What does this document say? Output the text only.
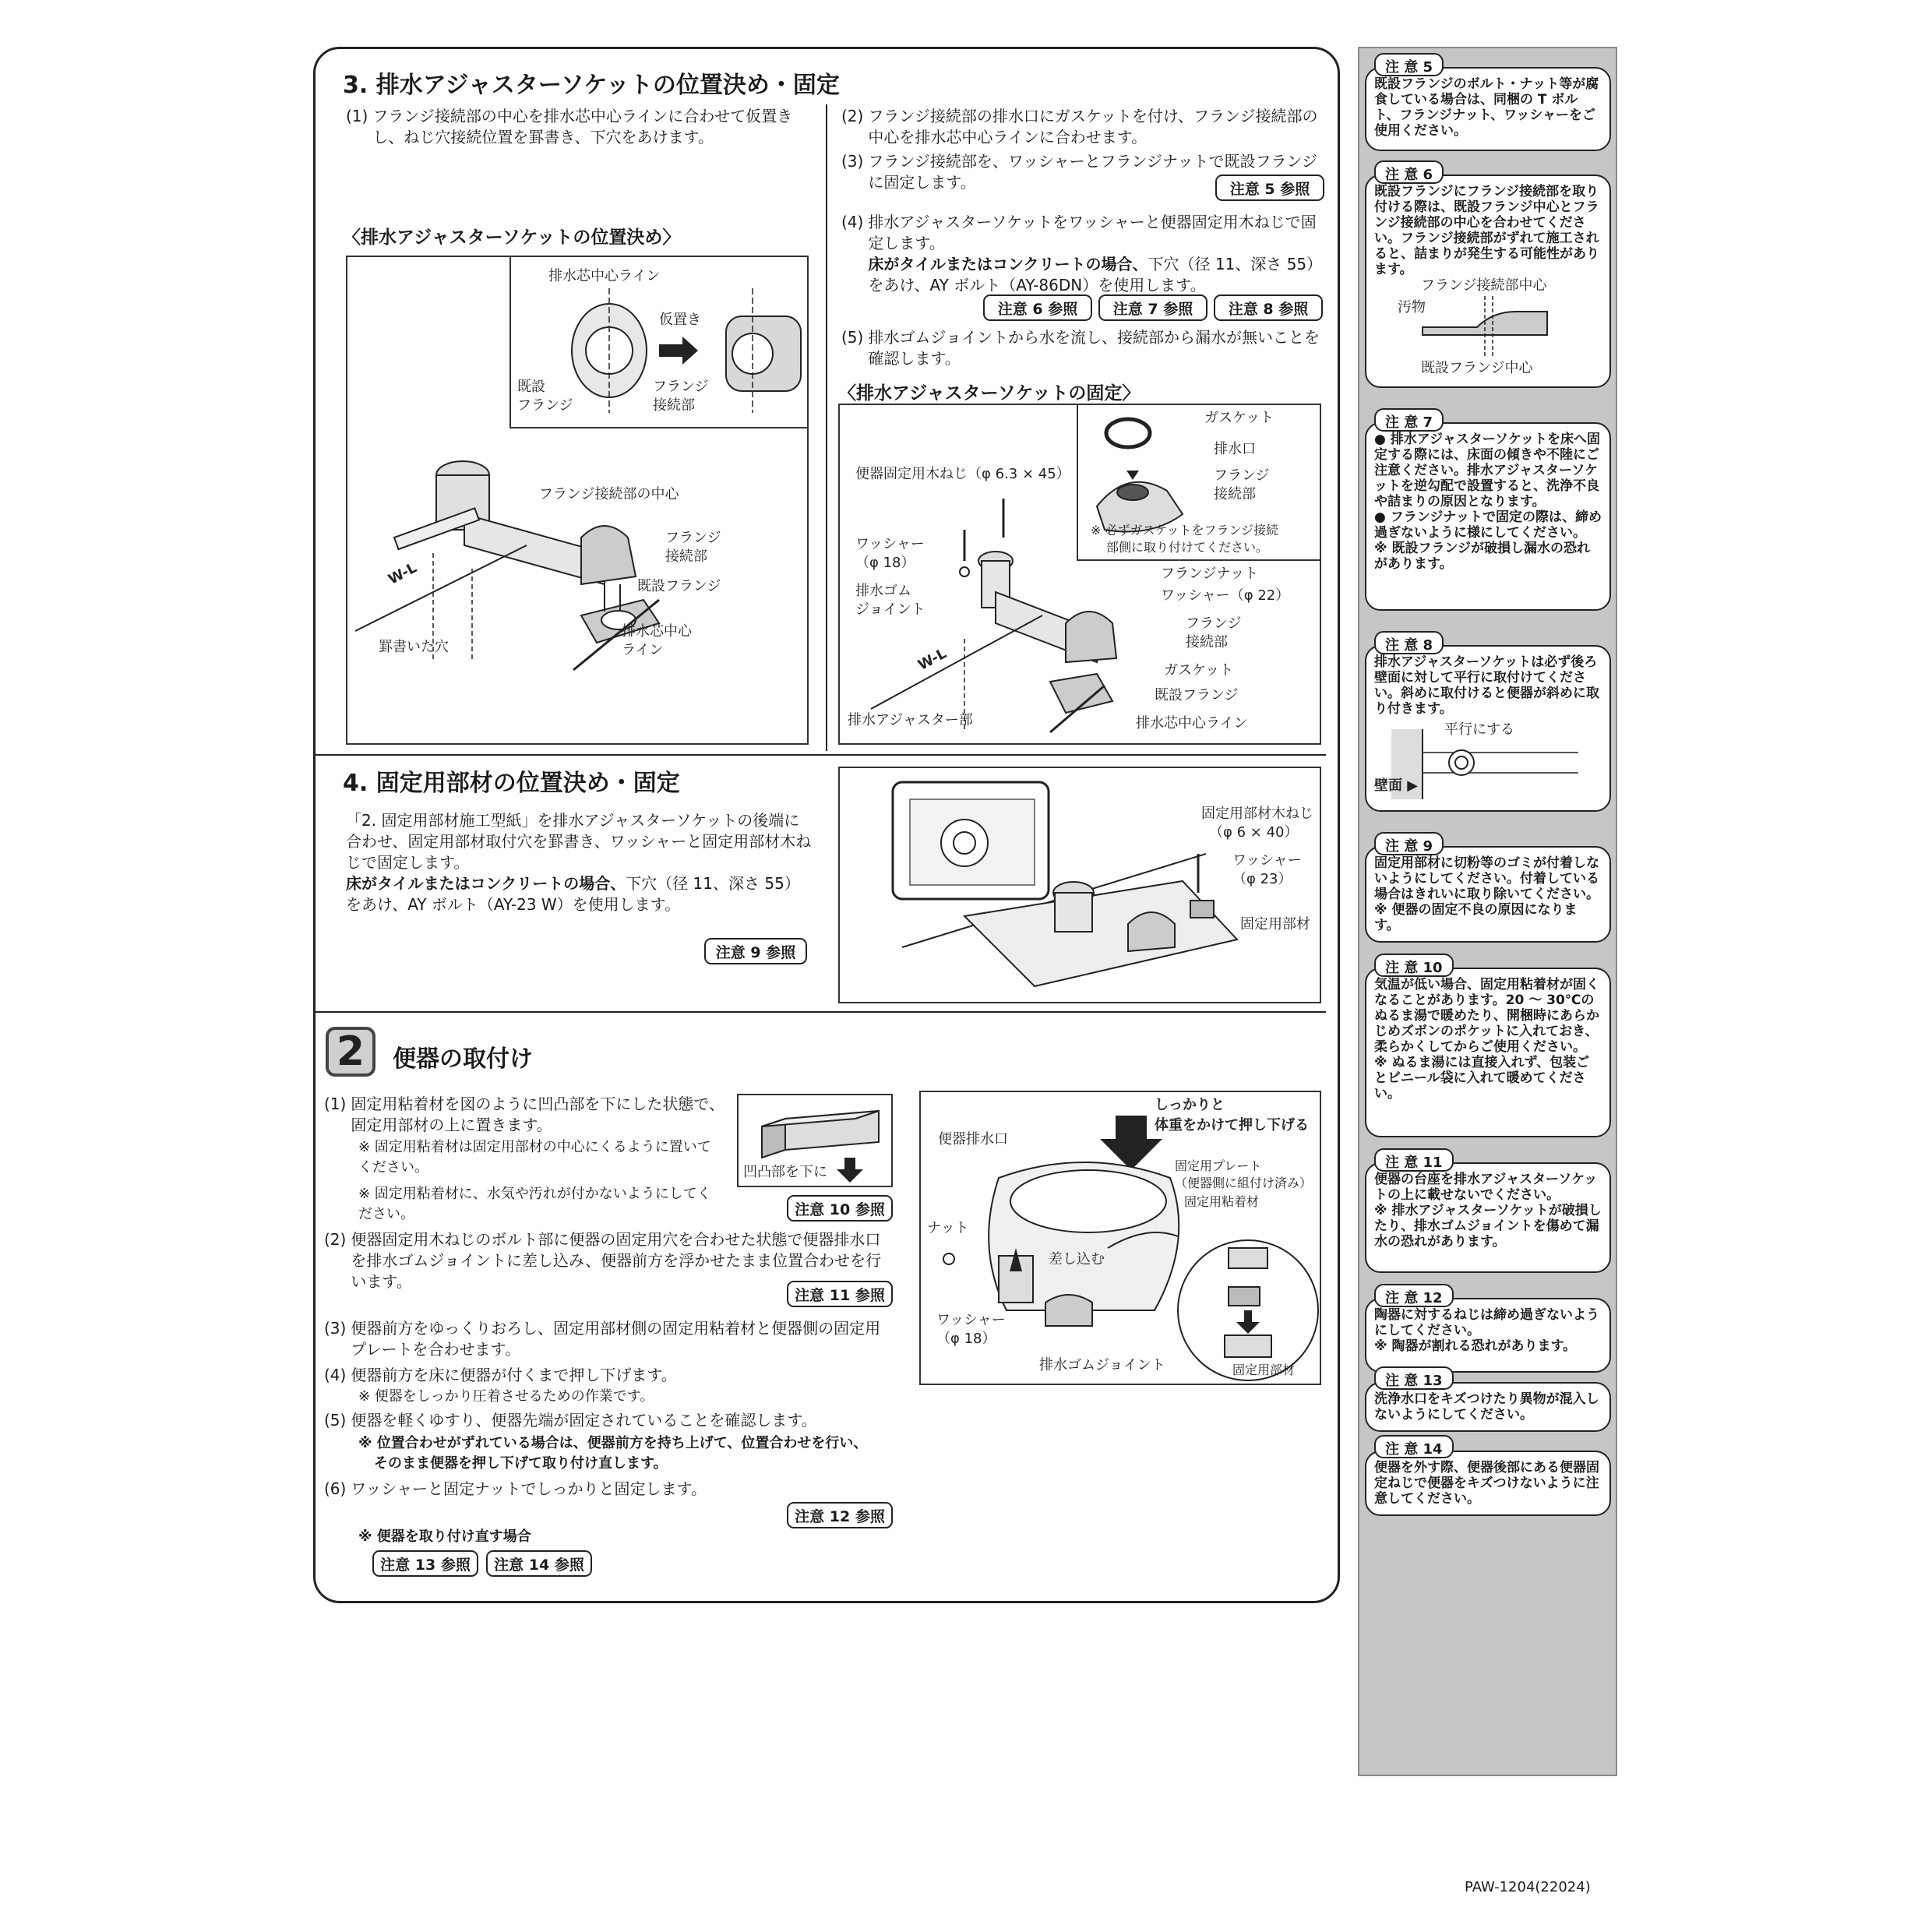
3. 排水アジャスターソケットの位置決め・固定
(1) フランジ接続部の中心を排水芯中心ラインに合わせて仮置きし、ねじ穴接続位置を罫書き、下穴をあけます。
(2) フランジ接続部の排水口にガスケットを付け、フランジ接続部の中心を排水芯中心ラインに合わせます。
(3) フランジ接続部を、ワッシャーとフランジナットで既設フランジに固定します。	注意 5 参照
(4) 排水アジャスターソケットをワッシャーと便器固定用木ねじで固定します。
床がタイルまたはコンクリートの場合、下穴（径 11、深さ 55）をあけ、AY ボルト（AY-86DN）を使用します。
注意 6 参照	注意 7 参照	注意 8 参照
(5) 排水ゴムジョイントから水を流し、接続部から漏水が無いことを確認します。
〈排水アジャスターソケットの位置決め〉
〈排水アジャスターソケットの固定〉
排水芯中心ライン
仮置き
既設
フランジ
フランジ
接続部
フランジ接続部の中心
フランジ
接続部
既設フランジ
排水芯中心
ライン
罫書いた穴
W-L
ガスケット
排水口
フランジ
接続部
※ 必ずガスケットをフランジ接続
部側に取り付けてください。
便器固定用木ねじ（φ 6.3 × 45）
ワッシャー
（φ 18）
排水ゴム
ジョイント
フランジナット
ワッシャー（φ 22）
フランジ
接続部
ガスケット
既設フランジ
排水アジャスター部	排水芯中心ライン
W-L
4. 固定用部材の位置決め・固定
「2. 固定用部材施工型紙」を排水アジャスターソケットの後端に合わせ、固定用部材取付穴を罫書き、ワッシャーと固定用部材木ねじで固定します。
床がタイルまたはコンクリートの場合、下穴（径 11、深さ 55）をあけ、AY ボルト（AY-23 W）を使用します。
注意 9 参照
固定用部材木ねじ
（φ 6 × 40）
ワッシャー
（φ 23）
固定用部材
2	便器の取付け
(1) 固定用粘着材を図のように凹凸部を下にした状態で、固定用部材の上に置きます。
※ 固定用粘着材は固定用部材の中心にくるように置いてください。
※ 固定用粘着材に、水気や汚れが付かないようにしてください。
凹凸部を下に
注意 10 参照
(2) 便器固定用木ねじのボルト部に便器の固定用穴を合わせた状態で便器排水口を排水ゴムジョイントに差し込み、便器前方を浮かせたまま位置合わせを行います。
注意 11 参照
(3) 便器前方をゆっくりおろし、固定用部材側の固定用粘着材と便器側の固定用プレートを合わせます。
(4) 便器前方を床に便器が付くまで押し下げます。
※ 便器をしっかり圧着させるための作業です。
(5) 便器を軽くゆすり、便器先端が固定されていることを確認します。
※ 位置合わせがずれている場合は、便器前方を持ち上げて、位置合わせを行い、
そのまま便器を押し下げて取り付け直します。
(6) ワッシャーと固定ナットでしっかりと固定します。
注意 12 参照
※ 便器を取り付け直す場合
注意 13 参照	注意 14 参照
しっかりと
体重をかけて押し下げる
便器排水口
固定用プレート
（便器側に組付け済み）
固定用粘着材
ナット
差し込む
ワッシャー
（φ 18）
排水ゴムジョイント	固定用部材
既設フランジのボルト・ナット等が腐食している場合は、同梱の T ボルト、フランジナット、ワッシャーをご使用ください。
注 意 5
既設フランジにフランジ接続部を取り付ける際は、既設フランジ中心とフランジ接続部の中心を合わせてください。フランジ接続部がずれて施工されると、詰まりが発生する可能性があります。
フランジ接続部中心
汚物
既設フランジ中心
注 意 6
● 排水アジャスターソケットを床へ固定する際には、床面の傾きや不陸にご注意ください。排水アジャスターソケットを逆勾配で設置すると、洗浄不良や詰まりの原因となります。
● フランジナットで固定の際は、締め過ぎないように様にしてください。
※ 既設フランジが破損し漏水の恐れがあります。
注 意 7
排水アジャスターソケットは必ず後ろ壁面に対して平行に取付けてください。斜めに取付けると便器が斜めに取り付きます。
平行にする
壁面 ▶
注 意 8
固定用部材に切粉等のゴミが付着しないようにしてください。付着している場合はきれいに取り除いてください。
※ 便器の固定不良の原因になります。
注 意 9
気温が低い場合、固定用粘着材が固くなることがあります。20 〜 30℃のぬるま湯で暖めたり、開梱時にあらかじめズボンのポケットに入れておき、柔らかくしてからご使用ください。
※ ぬるま湯には直接入れず、包装ごとビニール袋に入れて暖めてください。
注 意 10
便器の台座を排水アジャスターソケットの上に載せないでください。
※ 排水アジャスターソケットが破損したり、排水ゴムジョイントを傷めて漏水の恐れがあります。
注 意 11
陶器に対するねじは締め過ぎないようにしてください。
※ 陶器が割れる恐れがあります。
注 意 12
洗浄水口をキズつけたり異物が混入しないようにしてください。
注 意 13
便器を外す際、便器後部にある便器固定ねじで便器をキズつけないように注意してください。
注 意 14
PAW-1204(22024)
